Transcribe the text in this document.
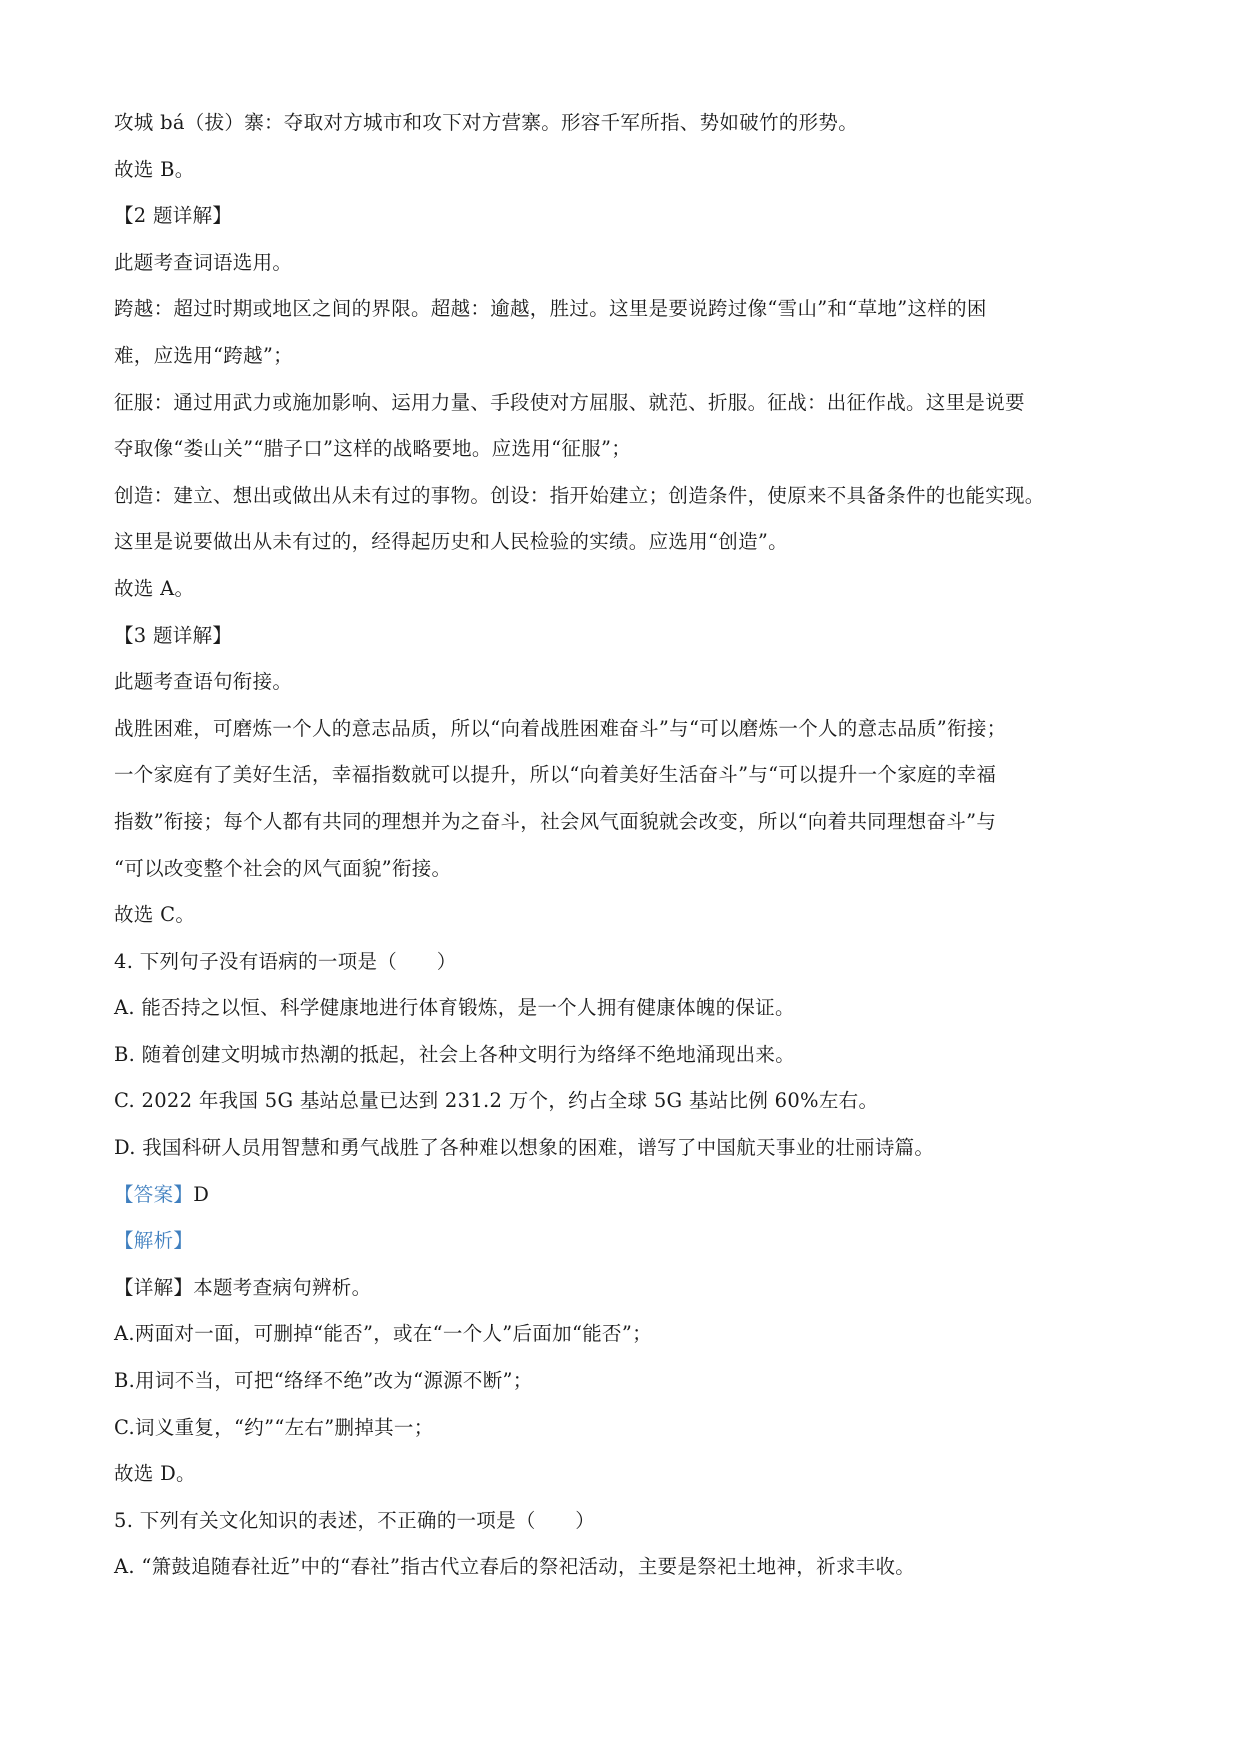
攻城 bá（拔）寨：夺取对方城市和攻下对方营寨。形容千军所指、势如破竹的形势。
故选 B。
【2 题详解】
此题考查词语选用。
跨越：超过时期或地区之间的界限。超越：逾越，胜过。这里是要说跨过像“雪山”和“草地”这样的困
难，应选用“跨越”；
征服：通过用武力或施加影响、运用力量、手段使对方屈服、就范、折服。征战：出征作战。这里是说要
夺取像“娄山关”“腊子口”这样的战略要地。应选用“征服”；
创造：建立、想出或做出从未有过的事物。创设：指开始建立；创造条件，使原来不具备条件的也能实现。
这里是说要做出从未有过的，经得起历史和人民检验的实绩。应选用“创造”。
故选 A。
【3 题详解】
此题考查语句衔接。
战胜困难，可磨炼一个人的意志品质，所以“向着战胜困难奋斗”与“可以磨炼一个人的意志品质”衔接；
一个家庭有了美好生活，幸福指数就可以提升，所以“向着美好生活奋斗”与“可以提升一个家庭的幸福
指数”衔接；每个人都有共同的理想并为之奋斗，社会风气面貌就会改变，所以“向着共同理想奋斗”与
“可以改变整个社会的风气面貌”衔接。
故选 C。
4. 下列句子没有语病的一项是（　　）
A. 能否持之以恒、科学健康地进行体育锻炼，是一个人拥有健康体魄的保证。
B. 随着创建文明城市热潮的抵起，社会上各种文明行为络绎不绝地涌现出来。
C. 2022 年我国 5G 基站总量已达到 231.2 万个，约占全球 5G 基站比例 60%左右。
D. 我国科研人员用智慧和勇气战胜了各种难以想象的困难，谱写了中国航天事业的壮丽诗篇。
【答案】D
【解析】
【详解】本题考查病句辨析。
A.两面对一面，可删掉“能否”，或在“一个人”后面加“能否”；
B.用词不当，可把“络绎不绝”改为“源源不断”；
C.词义重复，“约”“左右”删掉其一；
故选 D。
5. 下列有关文化知识的表述，不正确的一项是（　　）
A. “箫鼓追随春社近”中的“春社”指古代立春后的祭祀活动，主要是祭祀土地神，祈求丰收。
